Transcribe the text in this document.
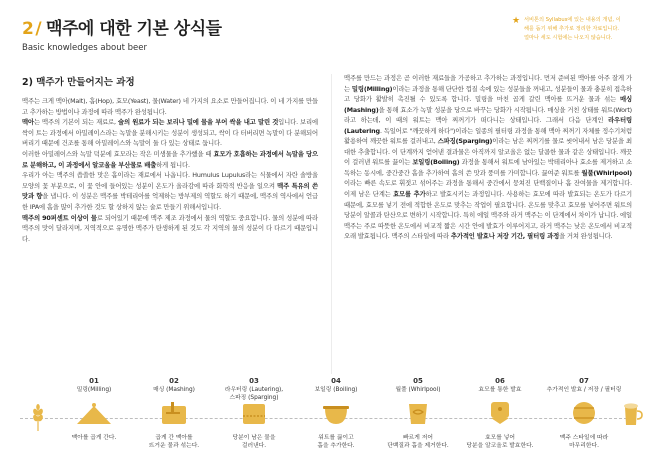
2 / 맥주에 대한 기본 상식들
Basic knowledges about beer
★ 서비톤의 Syllabus에 있는 내용의 개념, 이
해를 돕기 위해 추가로 정리한 자료입니다.
얼마나 세도 시험에는 나오지 않습니다.
2) 맥주가 만들어지는 과정

맥주는 크게 맥아(Malt), 홉(Hop), 효모(Yeast), 물(Water) 네 가지의 요소로 만들어집니다. 이 네 가지를 만들고 추가하는 방법이나 과정에 따라 맥주가 완성됩니다.

맥아는 맥주의 기본이 되는 재료로, 술의 원료가 되는 보리나 밀에 물을 부어 싹을 내고 말린 것입니다. 보리에 싹이 트는 과정에서 아밀레이스라는 녹말을 분해시키는 성분이 생성되고, 싹이 다 터버리면 녹말이 다 분해되어버리기 때문에 건조를 통해 아밀레이스와 녹말이 둘 다 있는 상태로 둡니다.

이러한 아밀레이스와 녹말 덕분에 효모라는 작은 미생물을 추가했을 때 효모가 호흡하는 과정에서 녹말을 당으로 분해하고, 이 과정에서 알코올을 부산물로 배출하게 됩니다.

우리가 아는 맥주의 씁쓸한 맛은 홉이라는 재료에서 나옵니다. Humulus Lupulus라는 식물에서 자란 솔방울 모양의 꽃 부분으로, 이 꽃 안에 들어있는 성분이 온도가 올라감에 따라 화학적 반응을 일으켜 맥주 특유의 쓴 맛과 향을 냅니다. 이 성분은 맥주를 박테리아를 억제하는 방부제의 역할도 하기 때문에, 맥주의 역사에서 언급한 IPA에 홉을 많이 추가한 것도 할 상하지 않는 술로 만들기 위해서입니다.

맥주의 90퍼센트 이상이 물로 되어있기 때문에 맥주 제조 과정에서 물의 역할도 중요합니다. 물의 성분에 따라 맥주의 맛이 달라지며, 지역적으로 유명한 맥주가 탄생하게 된 것도 각 지역의 물의 성분이 다 다르기 때문입니다.

맥주를 만드는 과정은 곧 이러한 재료들을 가공하고 추가하는 과정입니다. 먼저 준비된 맥아를 아주 잘게 가는 밀링(Milling)이라는 과정을 통해 단단한 껍질 속에 있는 성분들을 꺼내고, 성분들이 물과 충분히 접촉하고 당화가 활발히 촉진될 수 있도록 합니다. 밀링을 마친 곱게 갈린 맥아를 뜨거운 물과 섞는 매싱(Mashing)을 통해 효소가 녹말 성분을 당으로 바꾸는 당화가 시작됩니다. 매싱을 거친 상태를 워트(Wort)라고 하는데, 이 때의 워트는 맥아 찌꺼기가 떠다니는 상태입니다. 그래서 다음 단계인 라우터링(Lautering. 독일어로 "깨끗하게 하다")이라는 일종의 필터링 과정을 통해 맥아 찌꺼기 자체를 정수기처럼 활용하여 깨끗한 워트를 걸러내고, 스파징(Sparging)이라는 남은 찌꺼기를 물로 씻어내서 남은 당분을 최대한 추출합니다. 이 단계까지 얻어낸 결과물은 아직까지 알코올은 없는 달콤한 물과 같은 상태입니다. 깨끗이 걸러낸 워트를 끓이는 보일링(Boiling) 과정을 통해서 워트에 남아있는 박테리아나 효소를 제거하고 소독하는 동시에, 중간중간 홉을 추가하여 홉의 쓴 맛과 풍미를 가미합니다. 끓여준 워트를 월풀(Whirlpool)이라는 빠른 속도로 휘젓고 섞어주는 과정을 통해서 중간에서 뭉쳐진 단백질이나 홉 잔여물을 제거합니다. 이제 남은 단계는 효모를 추가하고 발효시키는 과정입니다. 사용하는 효모에 따라 발효되는 온도가 다르기 때문에, 효모를 넣기 전에 적합한 온도로 맞추는 작업이 필요합니다. 온도를 맞추고 효모를 넣어주면 워트의 당분이 알콜과 탄산으로 변하기 시작합니다. 특히 에일 맥주와 라거 맥주는 이 단계에서 차이가 납니다. 에일 맥주는 주로 따뜻한 온도에서 비교적 짧은 시간 안에 발효가 이루어지고, 라거 맥주는 낮은 온도에서 비교적 오래 발효됩니다. 맥주의 스타일에 따라 추가적인 발효나 저장 기간, 필터링 과정을 거쳐 완성됩니다.

01
밀링(Milling)
맥아를 곱게 간다.
02
매싱 (Mashing)
곱게 간 맥아를
뜨거운 물과 섞는다.
03
라우터링 (Lautering),
스파징 (Sparging)
당분이 남은 물을
걸러낸다.
04
보일링 (Boiling)
워트를 끓이고
홉을 추가한다.
05
월풀 (Whirlpool)
빠르게 저어
단백질과 홉을 제거한다.
06
효모를 통한 발효
효모를 넣어
당분을 알코올로 발효한다.
07
추가적인 발효 / 저장 / 필터링
맥주 스타일에 따라
마무리한다.
